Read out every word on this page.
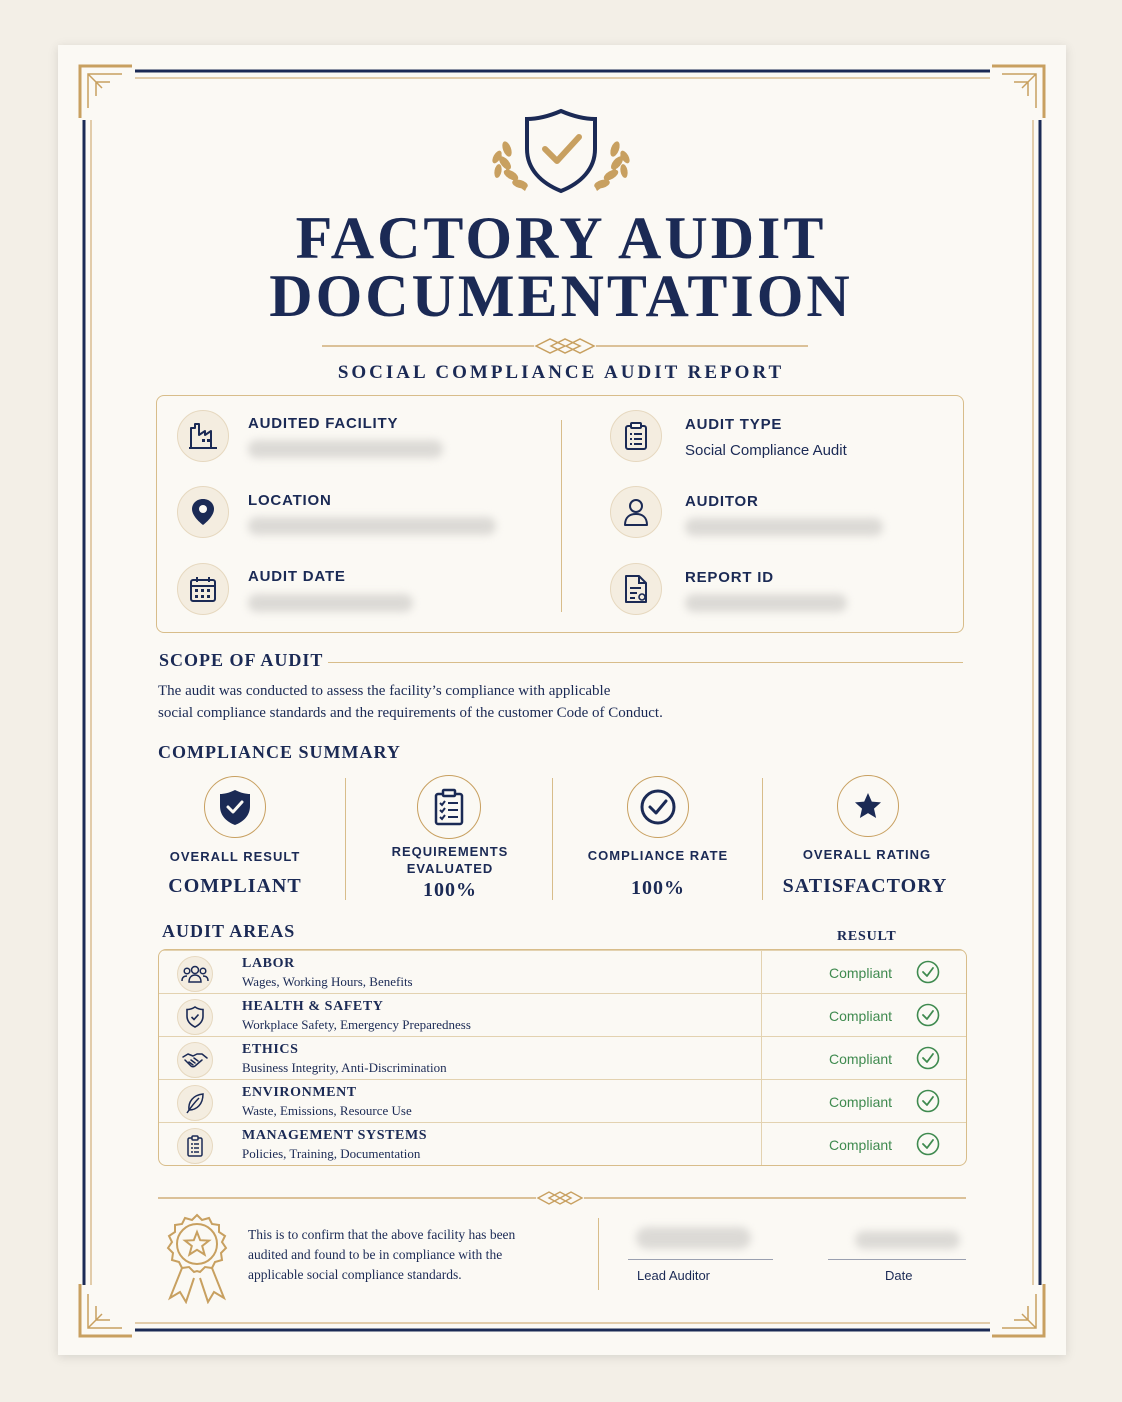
FACTORY AUDIT
DOCUMENTATION
SOCIAL COMPLIANCE AUDIT REPORT
AUDITED FACILITY
LOCATION
AUDIT DATE
AUDIT TYPE
Social Compliance Audit
AUDITOR
REPORT ID
SCOPE OF AUDIT
The audit was conducted to assess the facility’s compliance with applicable
social compliance standards and the requirements of the customer Code of Conduct.
COMPLIANCE SUMMARY
OVERALL RESULT
COMPLIANT
REQUIREMENTS EVALUATED
100%
COMPLIANCE RATE
100%
OVERALL RATING
SATISFACTORY
AUDIT AREAS	RESULT
LABOR
Wages, Working Hours, Benefits
Compliant
HEALTH & SAFETY
Workplace Safety, Emergency Preparedness
Compliant
ETHICS
Business Integrity, Anti-Discrimination
Compliant
ENVIRONMENT
Waste, Emissions, Resource Use
Compliant
MANAGEMENT SYSTEMS
Policies, Training, Documentation
Compliant
This is to confirm that the above facility has been
audited and found to be in compliance with the
applicable social compliance standards.	Lead Auditor	Date
